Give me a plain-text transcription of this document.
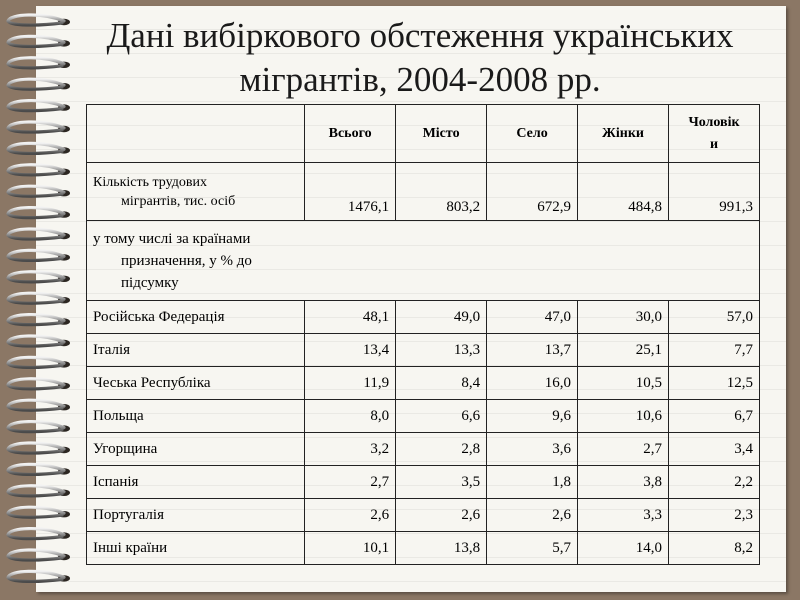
Дані вибіркового обстеження українських
мігрантів, 2004-2008 рр.
	Всього	Місто	Село	Жінки	Чоловік
и
Кількість трудових
мігрантів, тис. осіб	1476,1	803,2	672,9	484,8	991,3
у тому числі за країнами
призначення, у % до
підсумку					

Російська Федерація	48,1	49,0	47,0	30,0	57,0
Італія	13,4	13,3	13,7	25,1	7,7
Чеська Республіка	11,9	8,4	16,0	10,5	12,5
Польща	8,0	6,6	9,6	10,6	6,7
Угорщина	3,2	2,8	3,6	2,7	3,4
Іспанія	2,7	3,5	1,8	3,8	2,2
Португалія	2,6	2,6	2,6	3,3	2,3
Інші країни	10,1	13,8	5,7	14,0	8,2
